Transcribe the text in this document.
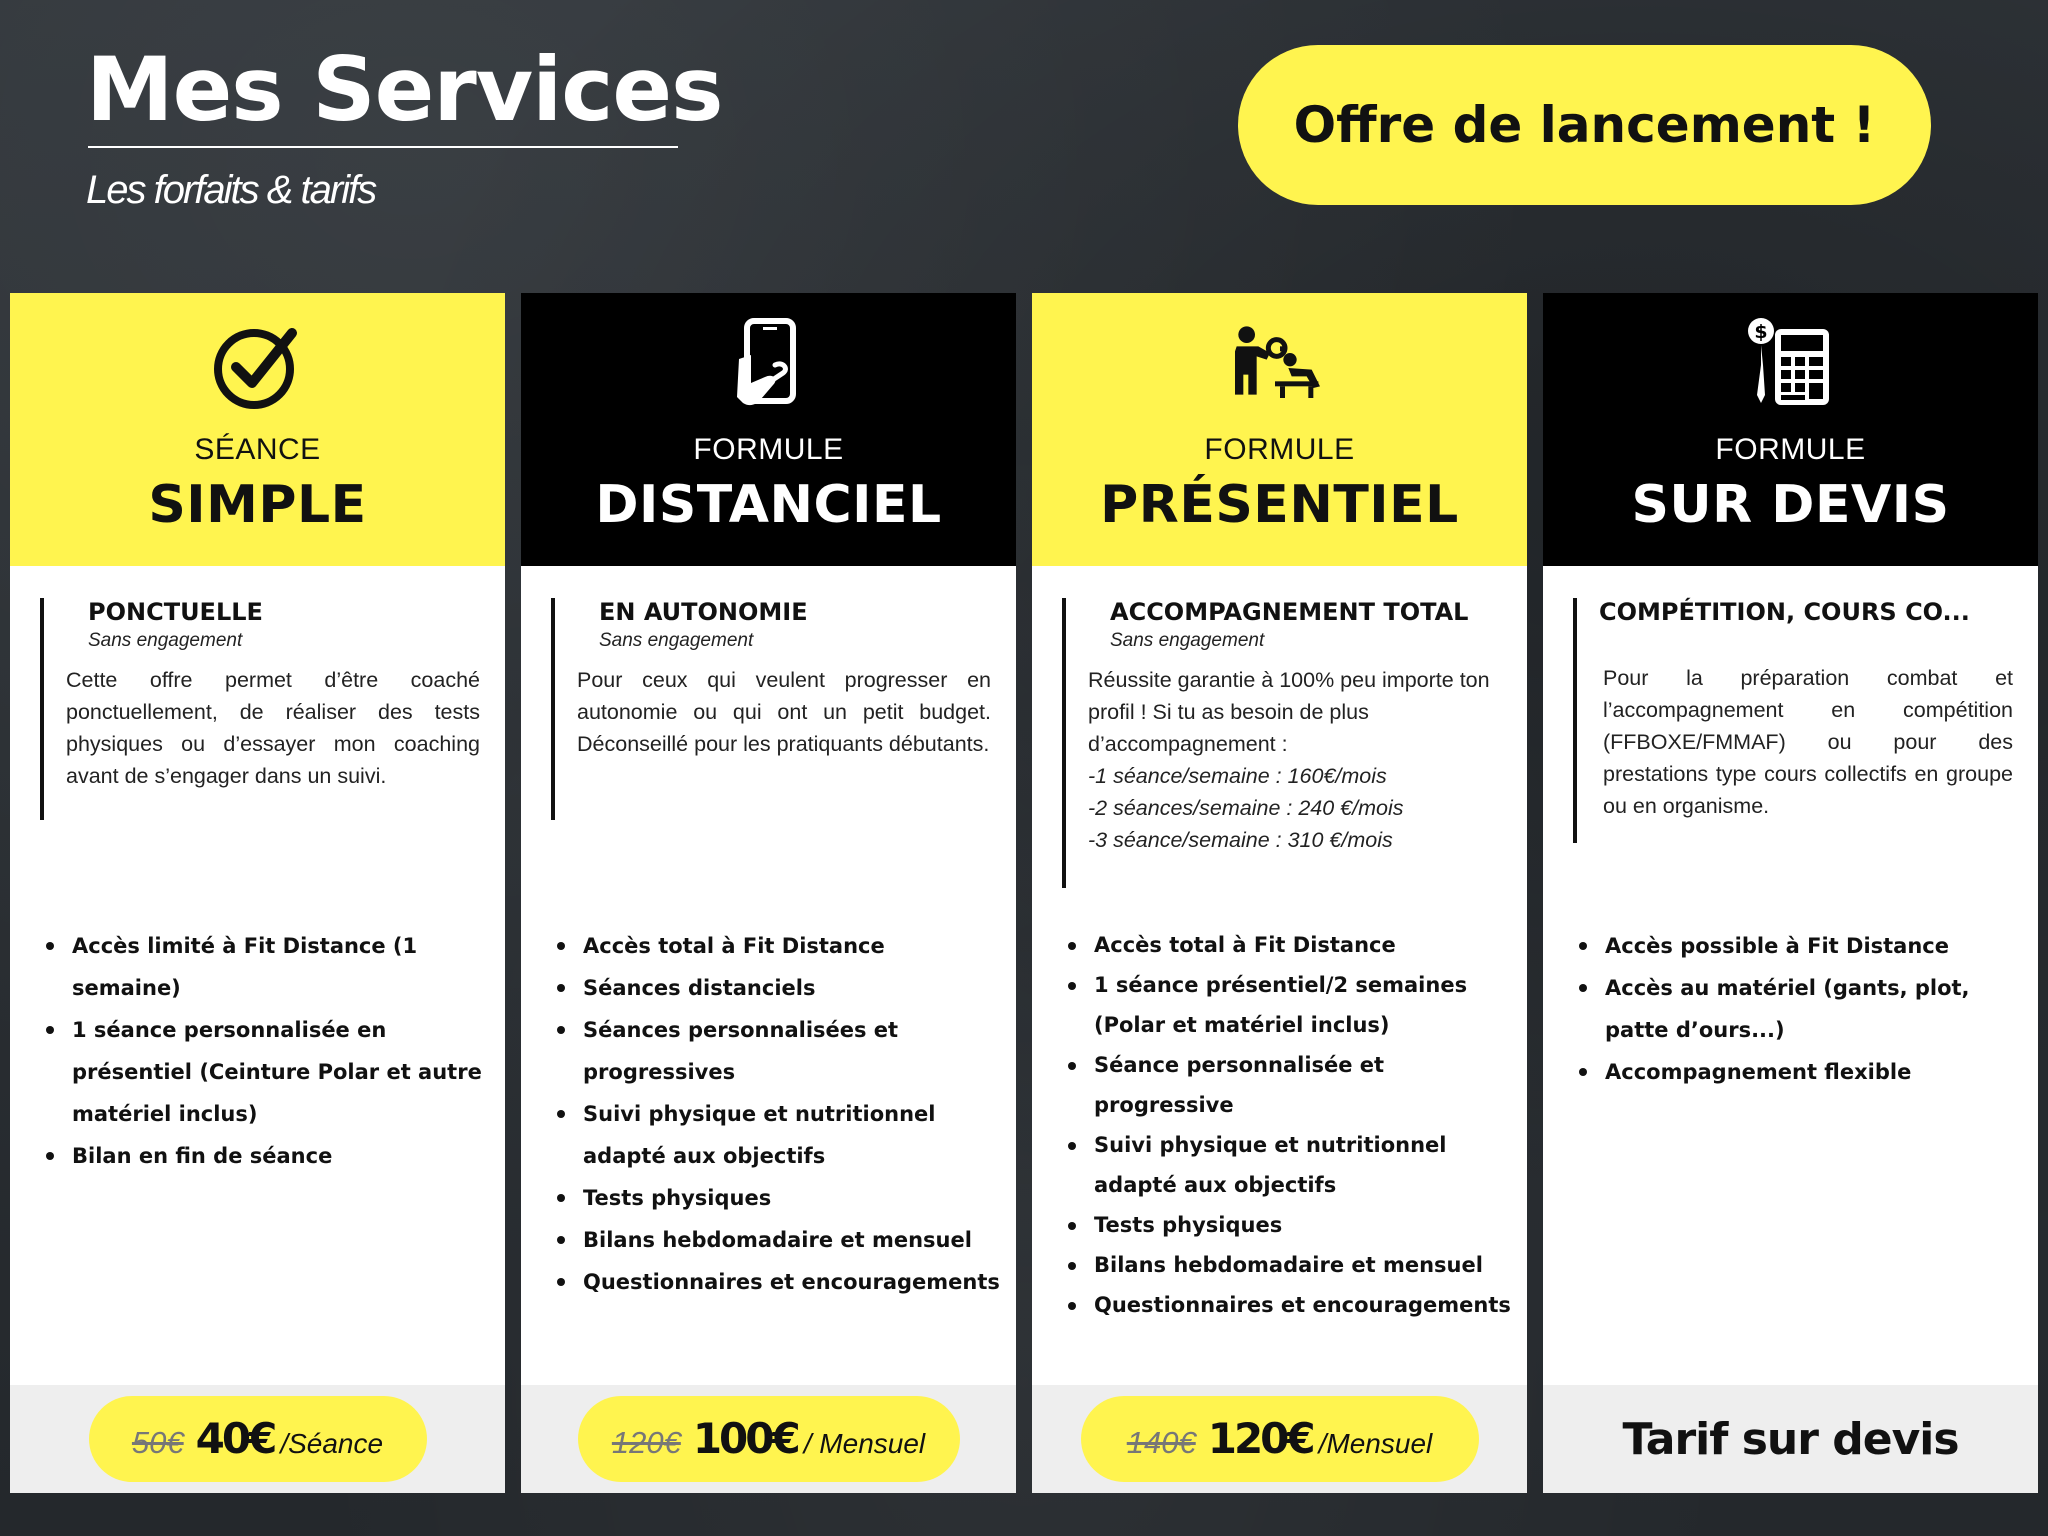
Mes Services
Les forfaits & tarifs
Offre de lancement !
SÉANCE
SIMPLE
PONCTUELLE
Sans engagement
Cette offre permet d’être coaché ponctuellement, de réaliser des tests physiques ou d’essayer mon coaching avant de s’engager dans un suivi.
Accès limité à Fit Distance (1 semaine)
1 séance personnalisée en présentiel (Ceinture Polar et autre matériel inclus)
Bilan en fin de séance
50€ 40€ /Séance
FORMULE
DISTANCIEL
EN AUTONOMIE
Sans engagement
Pour ceux qui veulent progresser en autonomie ou qui ont un petit budget. Déconseillé pour les pratiquants débutants.
Accès total à Fit Distance
Séances distanciels
Séances personnalisées et progressives
Suivi physique et nutritionnel adapté aux objectifs
Tests physiques
Bilans hebdomadaire et mensuel
Questionnaires et encouragements
120€ 100€ / Mensuel
FORMULE
PRÉSENTIEL
ACCOMPAGNEMENT TOTAL
Sans engagement
Réussite garantie à 100% peu importe ton profil ! Si tu as besoin de plus d’accompagnement :
-1 séance/semaine : 160€/mois
-2 séances/semaine : 240 €/mois
-3 séance/semaine : 310 €/mois
Accès total à Fit Distance
1 séance présentiel/2 semaines (Polar et matériel inclus)
Séance personnalisée et progressive
Suivi physique et nutritionnel adapté aux objectifs
Tests physiques
Bilans hebdomadaire et mensuel
Questionnaires et encouragements
140€ 120€ /Mensuel
$
FORMULE
SUR DEVIS
COMPÉTITION, COURS CO...
Pour la préparation combat et l’accompagnement en compétition (FFBOXE/FMMAF) ou pour des prestations type cours collectifs en groupe ou en organisme.
Accès possible à Fit Distance
Accès au matériel (gants, plot, patte d’ours...)
Accompagnement flexible
Tarif sur devis
